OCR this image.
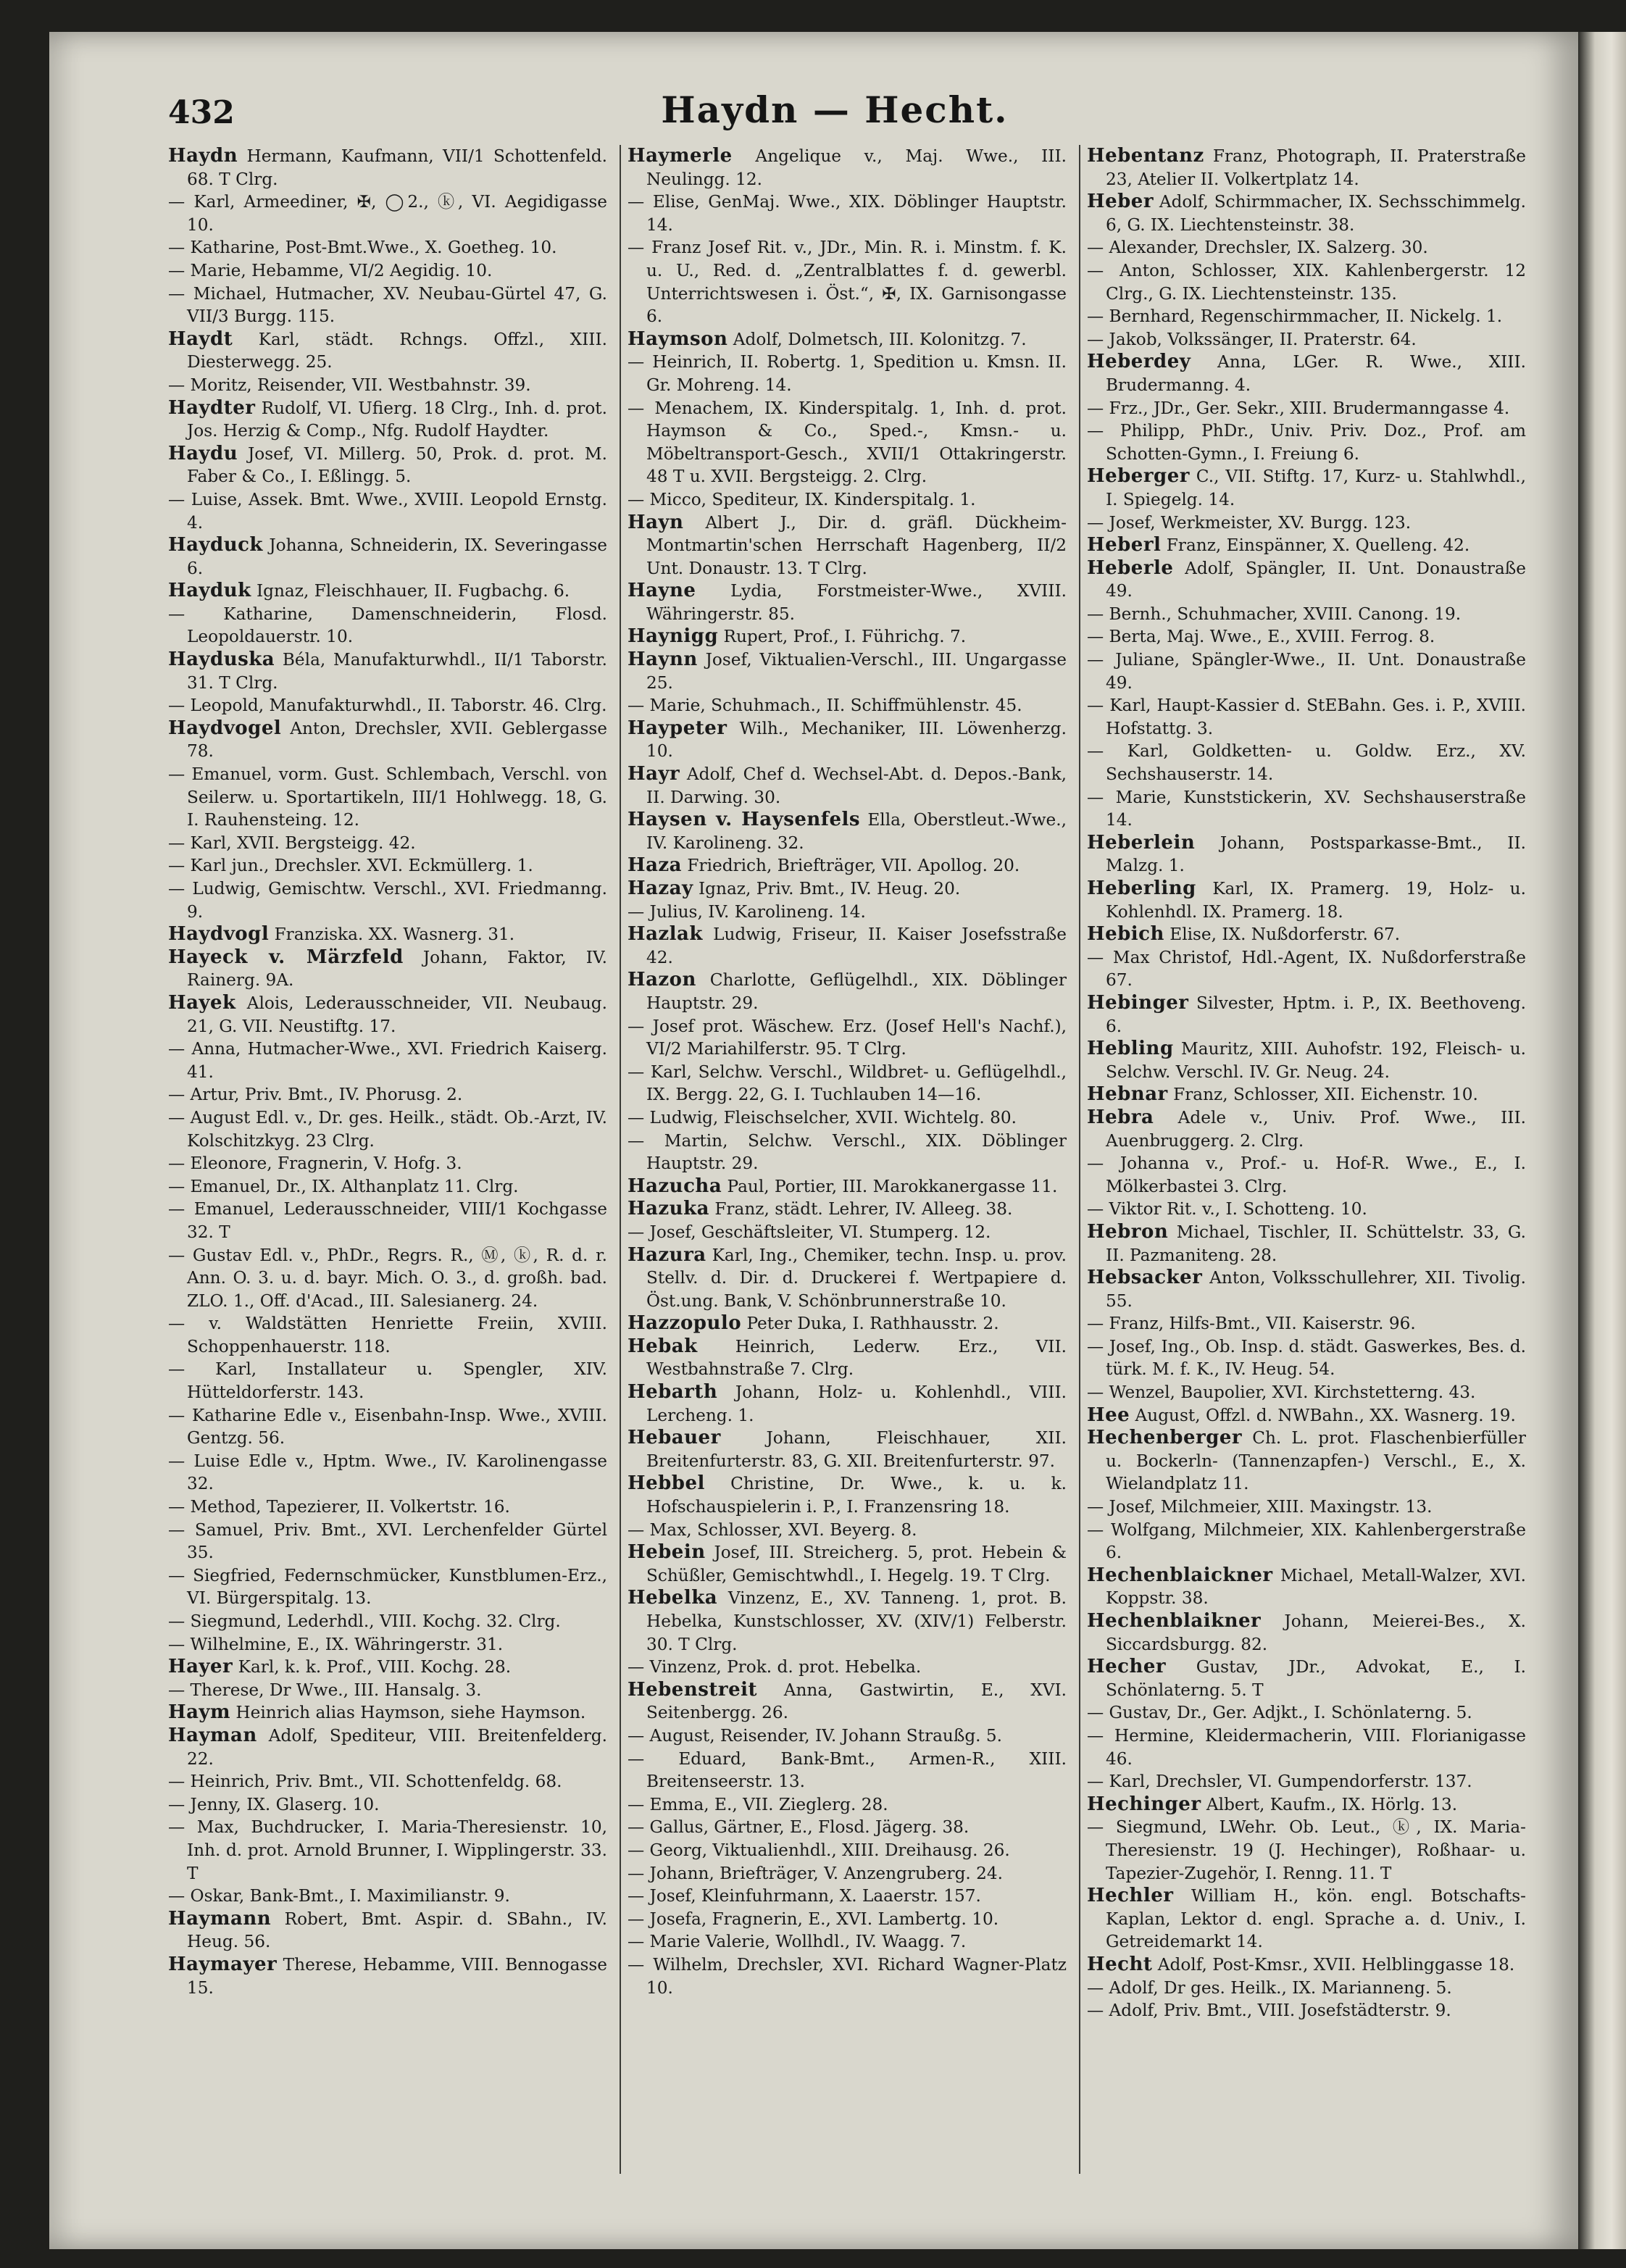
432	Haydn — Hecht.
Haydn Hermann, Kaufmann, VII/1 Schottenfeld. 68. T Clrg.
— Karl, Armeediner, ✠, ◯2., ⓚ, VI. Aegidigasse 10.
— Katharine, Post-Bmt.Wwe., X. Goetheg. 10.
— Marie, Hebamme, VI/2 Aegidig. 10.
— Michael, Hutmacher, XV. Neubau-Gürtel 47, G. VII/3 Burgg. 115.
Haydt Karl, städt. Rchngs. Offzl., XIII. Diesterwegg. 25.
— Moritz, Reisender, VII. Westbahnstr. 39.
Haydter Rudolf, VI. Ufierg. 18 Clrg., Inh. d. prot. Jos. Herzig & Comp., Nfg. Rudolf Haydter.
Haydu Josef, VI. Millerg. 50, Prok. d. prot. M. Faber & Co., I. Eßlingg. 5.
— Luise, Assek. Bmt. Wwe., XVIII. Leopold Ernstg. 4.
Hayduck Johanna, Schneiderin, IX. Severingasse 6.
Hayduk Ignaz, Fleischhauer, II. Fugbachg. 6.
— Katharine, Damenschneiderin, Flosd. Leopoldauerstr. 10.
Hayduska Béla, Manufakturwhdl., II/1 Taborstr. 31. T Clrg.
— Leopold, Manufakturwhdl., II. Taborstr. 46. Clrg.
Haydvogel Anton, Drechsler, XVII. Geblergasse 78.
— Emanuel, vorm. Gust. Schlembach, Verschl. von Seilerw. u. Sportartikeln, III/1 Hohlwegg. 18, G. I. Rauhensteing. 12.
— Karl, XVII. Bergsteigg. 42.
— Karl jun., Drechsler. XVI. Eckmüllerg. 1.
— Ludwig, Gemischtw. Verschl., XVI. Friedmanng. 9.
Haydvogl Franziska. XX. Wasnerg. 31.
Hayeck v. Märzfeld Johann, Faktor, IV. Rainerg. 9A.
Hayek Alois, Lederausschneider, VII. Neubaug. 21, G. VII. Neustiftg. 17.
— Anna, Hutmacher-Wwe., XVI. Friedrich Kaiserg. 41.
— Artur, Priv. Bmt., IV. Phorusg. 2.
— August Edl. v., Dr. ges. Heilk., städt. Ob.-Arzt, IV. Kolschitzkyg. 23 Clrg.
— Eleonore, Fragnerin, V. Hofg. 3.
— Emanuel, Dr., IX. Althanplatz 11. Clrg.
— Emanuel, Lederausschneider, VIII/1 Kochgasse 32. T
— Gustav Edl. v., PhDr., Regrs. R., Ⓜ, ⓚ, R. d. r. Ann. O. 3. u. d. bayr. Mich. O. 3., d. großh. bad. ZLO. 1., Off. d'Acad., III. Salesianerg. 24.
— v. Waldstätten Henriette Freiin, XVIII. Schoppenhauerstr. 118.
— Karl, Installateur u. Spengler, XIV. Hütteldorferstr. 143.
— Katharine Edle v., Eisenbahn-Insp. Wwe., XVIII. Gentzg. 56.
— Luise Edle v., Hptm. Wwe., IV. Karolinengasse 32.
— Method, Tapezierer, II. Volkertstr. 16.
— Samuel, Priv. Bmt., XVI. Lerchenfelder Gürtel 35.
— Siegfried, Federnschmücker, Kunstblumen-Erz., VI. Bürgerspitalg. 13.
— Siegmund, Lederhdl., VIII. Kochg. 32. Clrg.
— Wilhelmine, E., IX. Währingerstr. 31.
Hayer Karl, k. k. Prof., VIII. Kochg. 28.
— Therese, Dr Wwe., III. Hansalg. 3.
Haym Heinrich alias Haymson, siehe Haymson.
Hayman Adolf, Spediteur, VIII. Breitenfelderg. 22.
— Heinrich, Priv. Bmt., VII. Schottenfeldg. 68.
— Jenny, IX. Glaserg. 10.
— Max, Buchdrucker, I. Maria-Theresienstr. 10, Inh. d. prot. Arnold Brunner, I. Wipplingerstr. 33. T
— Oskar, Bank-Bmt., I. Maximilianstr. 9.
Haymann Robert, Bmt. Aspir. d. SBahn., IV. Heug. 56.
Haymayer Therese, Hebamme, VIII. Bennogasse 15.
Haymerle Angelique v., Maj. Wwe., III. Neulingg. 12.
— Elise, GenMaj. Wwe., XIX. Döblinger Hauptstr. 14.
— Franz Josef Rit. v., JDr., Min. R. i. Minstm. f. K. u. U., Red. d. „Zentralblattes f. d. gewerbl. Unterrichtswesen i. Öst.“, ✠, IX. Garnisongasse 6.
Haymson Adolf, Dolmetsch, III. Kolonitzg. 7.
— Heinrich, II. Robertg. 1, Spedition u. Kmsn. II. Gr. Mohreng. 14.
— Menachem, IX. Kinderspitalg. 1, Inh. d. prot. Haymson & Co., Sped.-, Kmsn.- u. Möbeltransport-Gesch., XVII/1 Ottakringerstr. 48 T u. XVII. Bergsteigg. 2. Clrg.
— Micco, Spediteur, IX. Kinderspitalg. 1.
Hayn Albert J., Dir. d. gräfl. Dückheim-Montmartin'schen Herrschaft Hagenberg, II/2 Unt. Donaustr. 13. T Clrg.
Hayne Lydia, Forstmeister-Wwe., XVIII. Währingerstr. 85.
Haynigg Rupert, Prof., I. Führichg. 7.
Haynn Josef, Viktualien-Verschl., III. Ungargasse 25.
— Marie, Schuhmach., II. Schiffmühlenstr. 45.
Haypeter Wilh., Mechaniker, III. Löwenherzg. 10.
Hayr Adolf, Chef d. Wechsel-Abt. d. Depos.-Bank, II. Darwing. 30.
Haysen v. Haysenfels Ella, Oberstleut.-Wwe., IV. Karolineng. 32.
Haza Friedrich, Briefträger, VII. Apollog. 20.
Hazay Ignaz, Priv. Bmt., IV. Heug. 20.
— Julius, IV. Karolineng. 14.
Hazlak Ludwig, Friseur, II. Kaiser Josefsstraße 42.
Hazon Charlotte, Geflügelhdl., XIX. Döblinger Hauptstr. 29.
— Josef prot. Wäschew. Erz. (Josef Hell's Nachf.), VI/2 Mariahilferstr. 95. T Clrg.
— Karl, Selchw. Verschl., Wildbret- u. Geflügelhdl., IX. Bergg. 22, G. I. Tuchlauben 14—16.
— Ludwig, Fleischselcher, XVII. Wichtelg. 80.
— Martin, Selchw. Verschl., XIX. Döblinger Hauptstr. 29.
Hazucha Paul, Portier, III. Marokkanergasse 11.
Hazuka Franz, städt. Lehrer, IV. Alleeg. 38.
— Josef, Geschäftsleiter, VI. Stumperg. 12.
Hazura Karl, Ing., Chemiker, techn. Insp. u. prov. Stellv. d. Dir. d. Druckerei f. Wertpapiere d. Öst.ung. Bank, V. Schönbrunnerstraße 10.
Hazzopulo Peter Duka, I. Rathhausstr. 2.
Hebak Heinrich, Lederw. Erz., VII. Westbahnstraße 7. Clrg.
Hebarth Johann, Holz- u. Kohlenhdl., VIII. Lercheng. 1.
Hebauer Johann, Fleischhauer, XII. Breitenfurterstr. 83, G. XII. Breitenfurterstr. 97.
Hebbel Christine, Dr. Wwe., k. u. k. Hofschauspielerin i. P., I. Franzensring 18.
— Max, Schlosser, XVI. Beyerg. 8.
Hebein Josef, III. Streicherg. 5, prot. Hebein & Schüßler, Gemischtwhdl., I. Hegelg. 19. T Clrg.
Hebelka Vinzenz, E., XV. Tanneng. 1, prot. B. Hebelka, Kunstschlosser, XV. (XIV/1) Felberstr. 30. T Clrg.
— Vinzenz, Prok. d. prot. Hebelka.
Hebenstreit Anna, Gastwirtin, E., XVI. Seitenbergg. 26.
— August, Reisender, IV. Johann Straußg. 5.
— Eduard, Bank-Bmt., Armen-R., XIII. Breitenseerstr. 13.
— Emma, E., VII. Zieglerg. 28.
— Gallus, Gärtner, E., Flosd. Jägerg. 38.
— Georg, Viktualienhdl., XIII. Dreihausg. 26.
— Johann, Briefträger, V. Anzengruberg. 24.
— Josef, Kleinfuhrmann, X. Laaerstr. 157.
— Josefa, Fragnerin, E., XVI. Lambertg. 10.
— Marie Valerie, Wollhdl., IV. Waagg. 7.
— Wilhelm, Drechsler, XVI. Richard Wagner-Platz 10.
Hebentanz Franz, Photograph, II. Praterstraße 23, Atelier II. Volkertplatz 14.
Heber Adolf, Schirmmacher, IX. Sechsschimmelg. 6, G. IX. Liechtensteinstr. 38.
— Alexander, Drechsler, IX. Salzerg. 30.
— Anton, Schlosser, XIX. Kahlenbergerstr. 12 Clrg., G. IX. Liechtensteinstr. 135.
— Bernhard, Regenschirmmacher, II. Nickelg. 1.
— Jakob, Volkssänger, II. Praterstr. 64.
Heberdey Anna, LGer. R. Wwe., XIII. Brudermanng. 4.
— Frz., JDr., Ger. Sekr., XIII. Brudermanngasse 4.
— Philipp, PhDr., Univ. Priv. Doz., Prof. am Schotten-Gymn., I. Freiung 6.
Heberger C., VII. Stiftg. 17, Kurz- u. Stahlwhdl., I. Spiegelg. 14.
— Josef, Werkmeister, XV. Burgg. 123.
Heberl Franz, Einspänner, X. Quelleng. 42.
Heberle Adolf, Spängler, II. Unt. Donaustraße 49.
— Bernh., Schuhmacher, XVIII. Canong. 19.
— Berta, Maj. Wwe., E., XVIII. Ferrog. 8.
— Juliane, Spängler-Wwe., II. Unt. Donaustraße 49.
— Karl, Haupt-Kassier d. StEBahn. Ges. i. P., XVIII. Hofstattg. 3.
— Karl, Goldketten- u. Goldw. Erz., XV. Sechshauserstr. 14.
— Marie, Kunststickerin, XV. Sechshauserstraße 14.
Heberlein Johann, Postsparkasse-Bmt., II. Malzg. 1.
Heberling Karl, IX. Pramerg. 19, Holz- u. Kohlenhdl. IX. Pramerg. 18.
Hebich Elise, IX. Nußdorferstr. 67.
— Max Christof, Hdl.-Agent, IX. Nußdorferstraße 67.
Hebinger Silvester, Hptm. i. P., IX. Beethoveng. 6.
Hebling Mauritz, XIII. Auhofstr. 192, Fleisch- u. Selchw. Verschl. IV. Gr. Neug. 24.
Hebnar Franz, Schlosser, XII. Eichenstr. 10.
Hebra Adele v., Univ. Prof. Wwe., III. Auenbruggerg. 2. Clrg.
— Johanna v., Prof.- u. Hof-R. Wwe., E., I. Mölkerbastei 3. Clrg.
— Viktor Rit. v., I. Schotteng. 10.
Hebron Michael, Tischler, II. Schüttelstr. 33, G. II. Pazmaniteng. 28.
Hebsacker Anton, Volksschullehrer, XII. Tivolig. 55.
— Franz, Hilfs-Bmt., VII. Kaiserstr. 96.
— Josef, Ing., Ob. Insp. d. städt. Gaswerkes, Bes. d. türk. M. f. K., IV. Heug. 54.
— Wenzel, Baupolier, XVI. Kirchstetterng. 43.
Hee August, Offzl. d. NWBahn., XX. Wasnerg. 19.
Hechenberger Ch. L. prot. Flaschenbierfüller u. Bockerln- (Tannenzapfen-) Verschl., E., X. Wielandplatz 11.
— Josef, Milchmeier, XIII. Maxingstr. 13.
— Wolfgang, Milchmeier, XIX. Kahlenbergerstraße 6.
Hechenblaickner Michael, Metall-Walzer, XVI. Koppstr. 38.
Hechenblaikner Johann, Meierei-Bes., X. Siccardsburgg. 82.
Hecher Gustav, JDr., Advokat, E., I. Schönlaterng. 5. T
— Gustav, Dr., Ger. Adjkt., I. Schönlaterng. 5.
— Hermine, Kleidermacherin, VIII. Florianigasse 46.
— Karl, Drechsler, VI. Gumpendorferstr. 137.
Hechinger Albert, Kaufm., IX. Hörlg. 13.
— Siegmund, LWehr. Ob. Leut., ⓚ, IX. Maria-Theresienstr. 19 (J. Hechinger), Roßhaar- u. Tapezier-Zugehör, I. Renng. 11. T
Hechler William H., kön. engl. Botschafts-Kaplan, Lektor d. engl. Sprache a. d. Univ., I. Getreidemarkt 14.
Hecht Adolf, Post-Kmsr., XVII. Helblinggasse 18.
— Adolf, Dr ges. Heilk., IX. Marianneng. 5.
— Adolf, Priv. Bmt., VIII. Josefstädterstr. 9.
